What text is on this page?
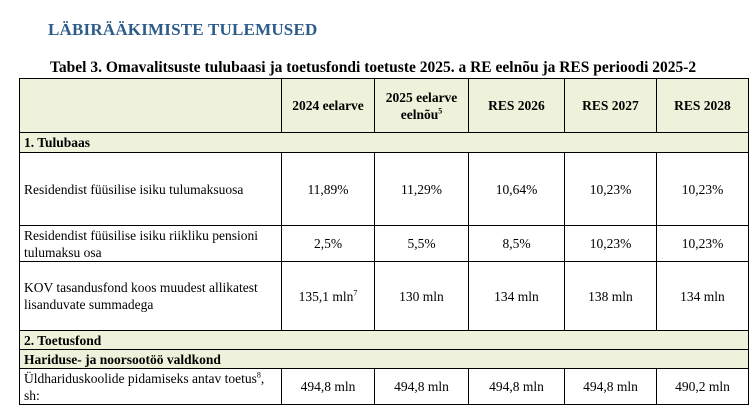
LÄBIRÄÄKIMISTE TULEMUSED
Tabel 3. Omavalitsuste tulubaasi ja toetusfondi toetuste 2025. a RE eelnõu ja RES perioodi 2025-2
	2024 eelarve	2025 eelarve eelnõu$^5$	RES 2026	RES 2027	RES 2028
1. Tulubaas					
Residendist füüsilise isiku tulumaksuosa	11,89%	11,29%	10,64%	10,23%	10,23%
Residendist füüsilise isiku riikliku pensioni tulumaksu osa	2,5%	5,5%	8,5%	10,23%	10,23%
KOV tasandusfond koos muudest allikatest lisanduvate summadega	135,1 mln$^7$	130 mln	134 mln	138 mln	134 mln
2. Toetusfond					
Hariduse- ja noorsootöö valdkond					
Üldhariduskoolide pidamiseks antav toetus$^8$, sh:	494,8 mln	494,8 mln	494,8 mln	494,8 mln	490,2 mln
